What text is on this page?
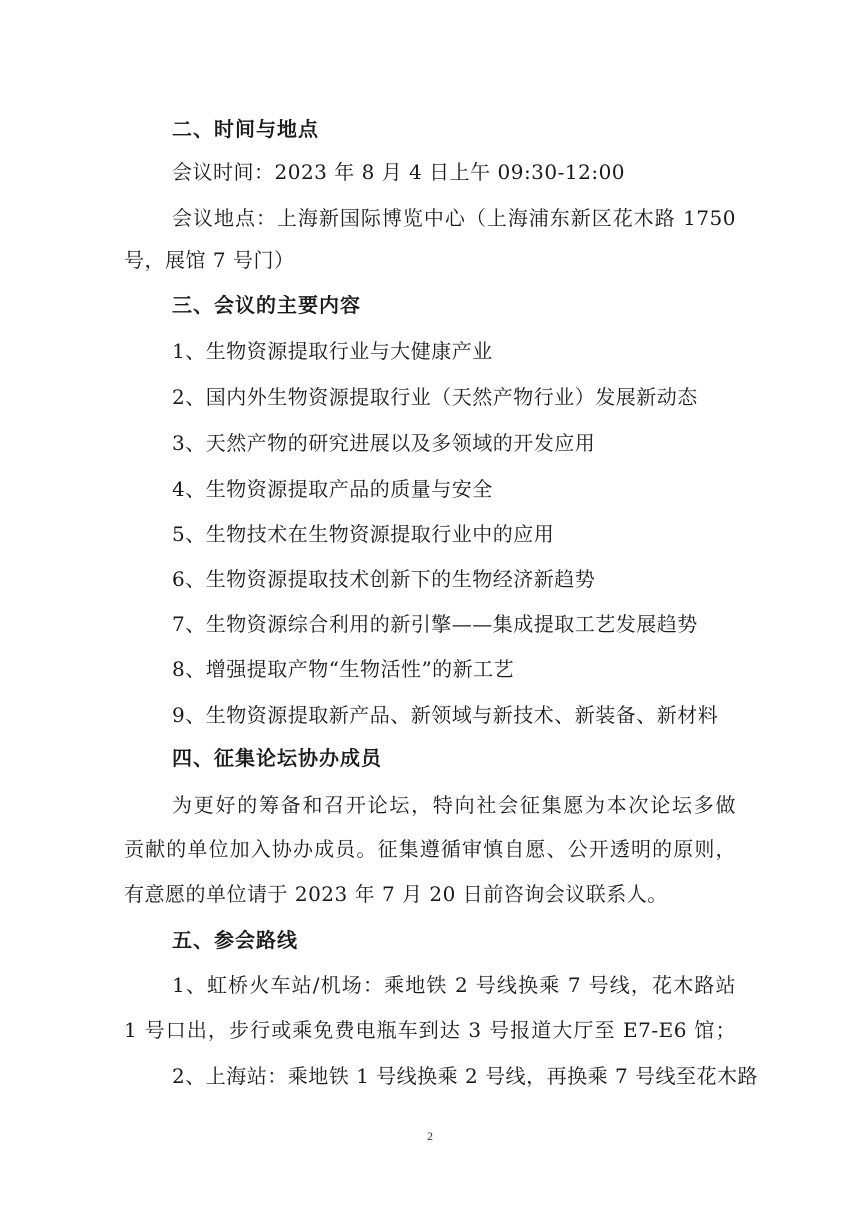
二、时间与地点
会议时间：2023 年 8 月 4 日上午 09:30-12:00
会议地点：上海新国际博览中心（上海浦东新区花木路 1750
号，展馆 7 号门）
三、会议的主要内容
1、生物资源提取行业与大健康产业
2、国内外生物资源提取行业（天然产物行业）发展新动态
3、天然产物的研究进展以及多领域的开发应用
4、生物资源提取产品的质量与安全
5、生物技术在生物资源提取行业中的应用
6、生物资源提取技术创新下的生物经济新趋势
7、生物资源综合利用的新引擎——集成提取工艺发展趋势
8、增强提取产物“生物活性”的新工艺
9、生物资源提取新产品、新领域与新技术、新装备、新材料
四、征集论坛协办成员
为更好的筹备和召开论坛，特向社会征集愿为本次论坛多做
贡献的单位加入协办成员。征集遵循审慎自愿、公开透明的原则，
有意愿的单位请于 2023 年 7 月 20 日前咨询会议联系人。
五、参会路线
1、虹桥火车站/机场：乘地铁 2 号线换乘 7 号线，花木路站
1 号口出，步行或乘免费电瓶车到达 3 号报道大厅至 E7-E6 馆；
2、上海站：乘地铁 1 号线换乘 2 号线，再换乘 7 号线至花木路
2
